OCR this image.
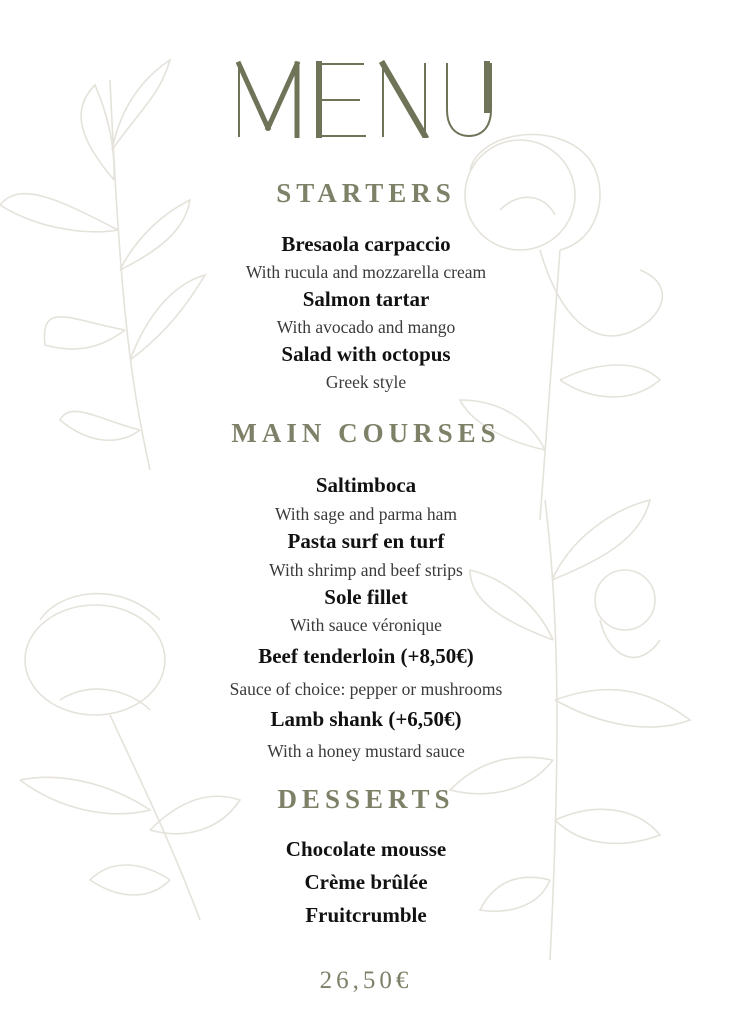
STARTERS
Bresaola carpaccio
With rucula and mozzarella cream
Salmon tartar
With avocado and mango
Salad with octopus
Greek style
MAIN COURSES
Saltimboca
With sage and parma ham
Pasta surf en turf
With shrimp and beef strips
Sole fillet
With sauce véronique
Beef tenderloin (+8,50€)
Sauce of choice: pepper or mushrooms
Lamb shank (+6,50€)
With a honey mustard sauce
DESSERTS
Chocolate mousse
Crème brûlée
Fruitcrumble
26,50€
